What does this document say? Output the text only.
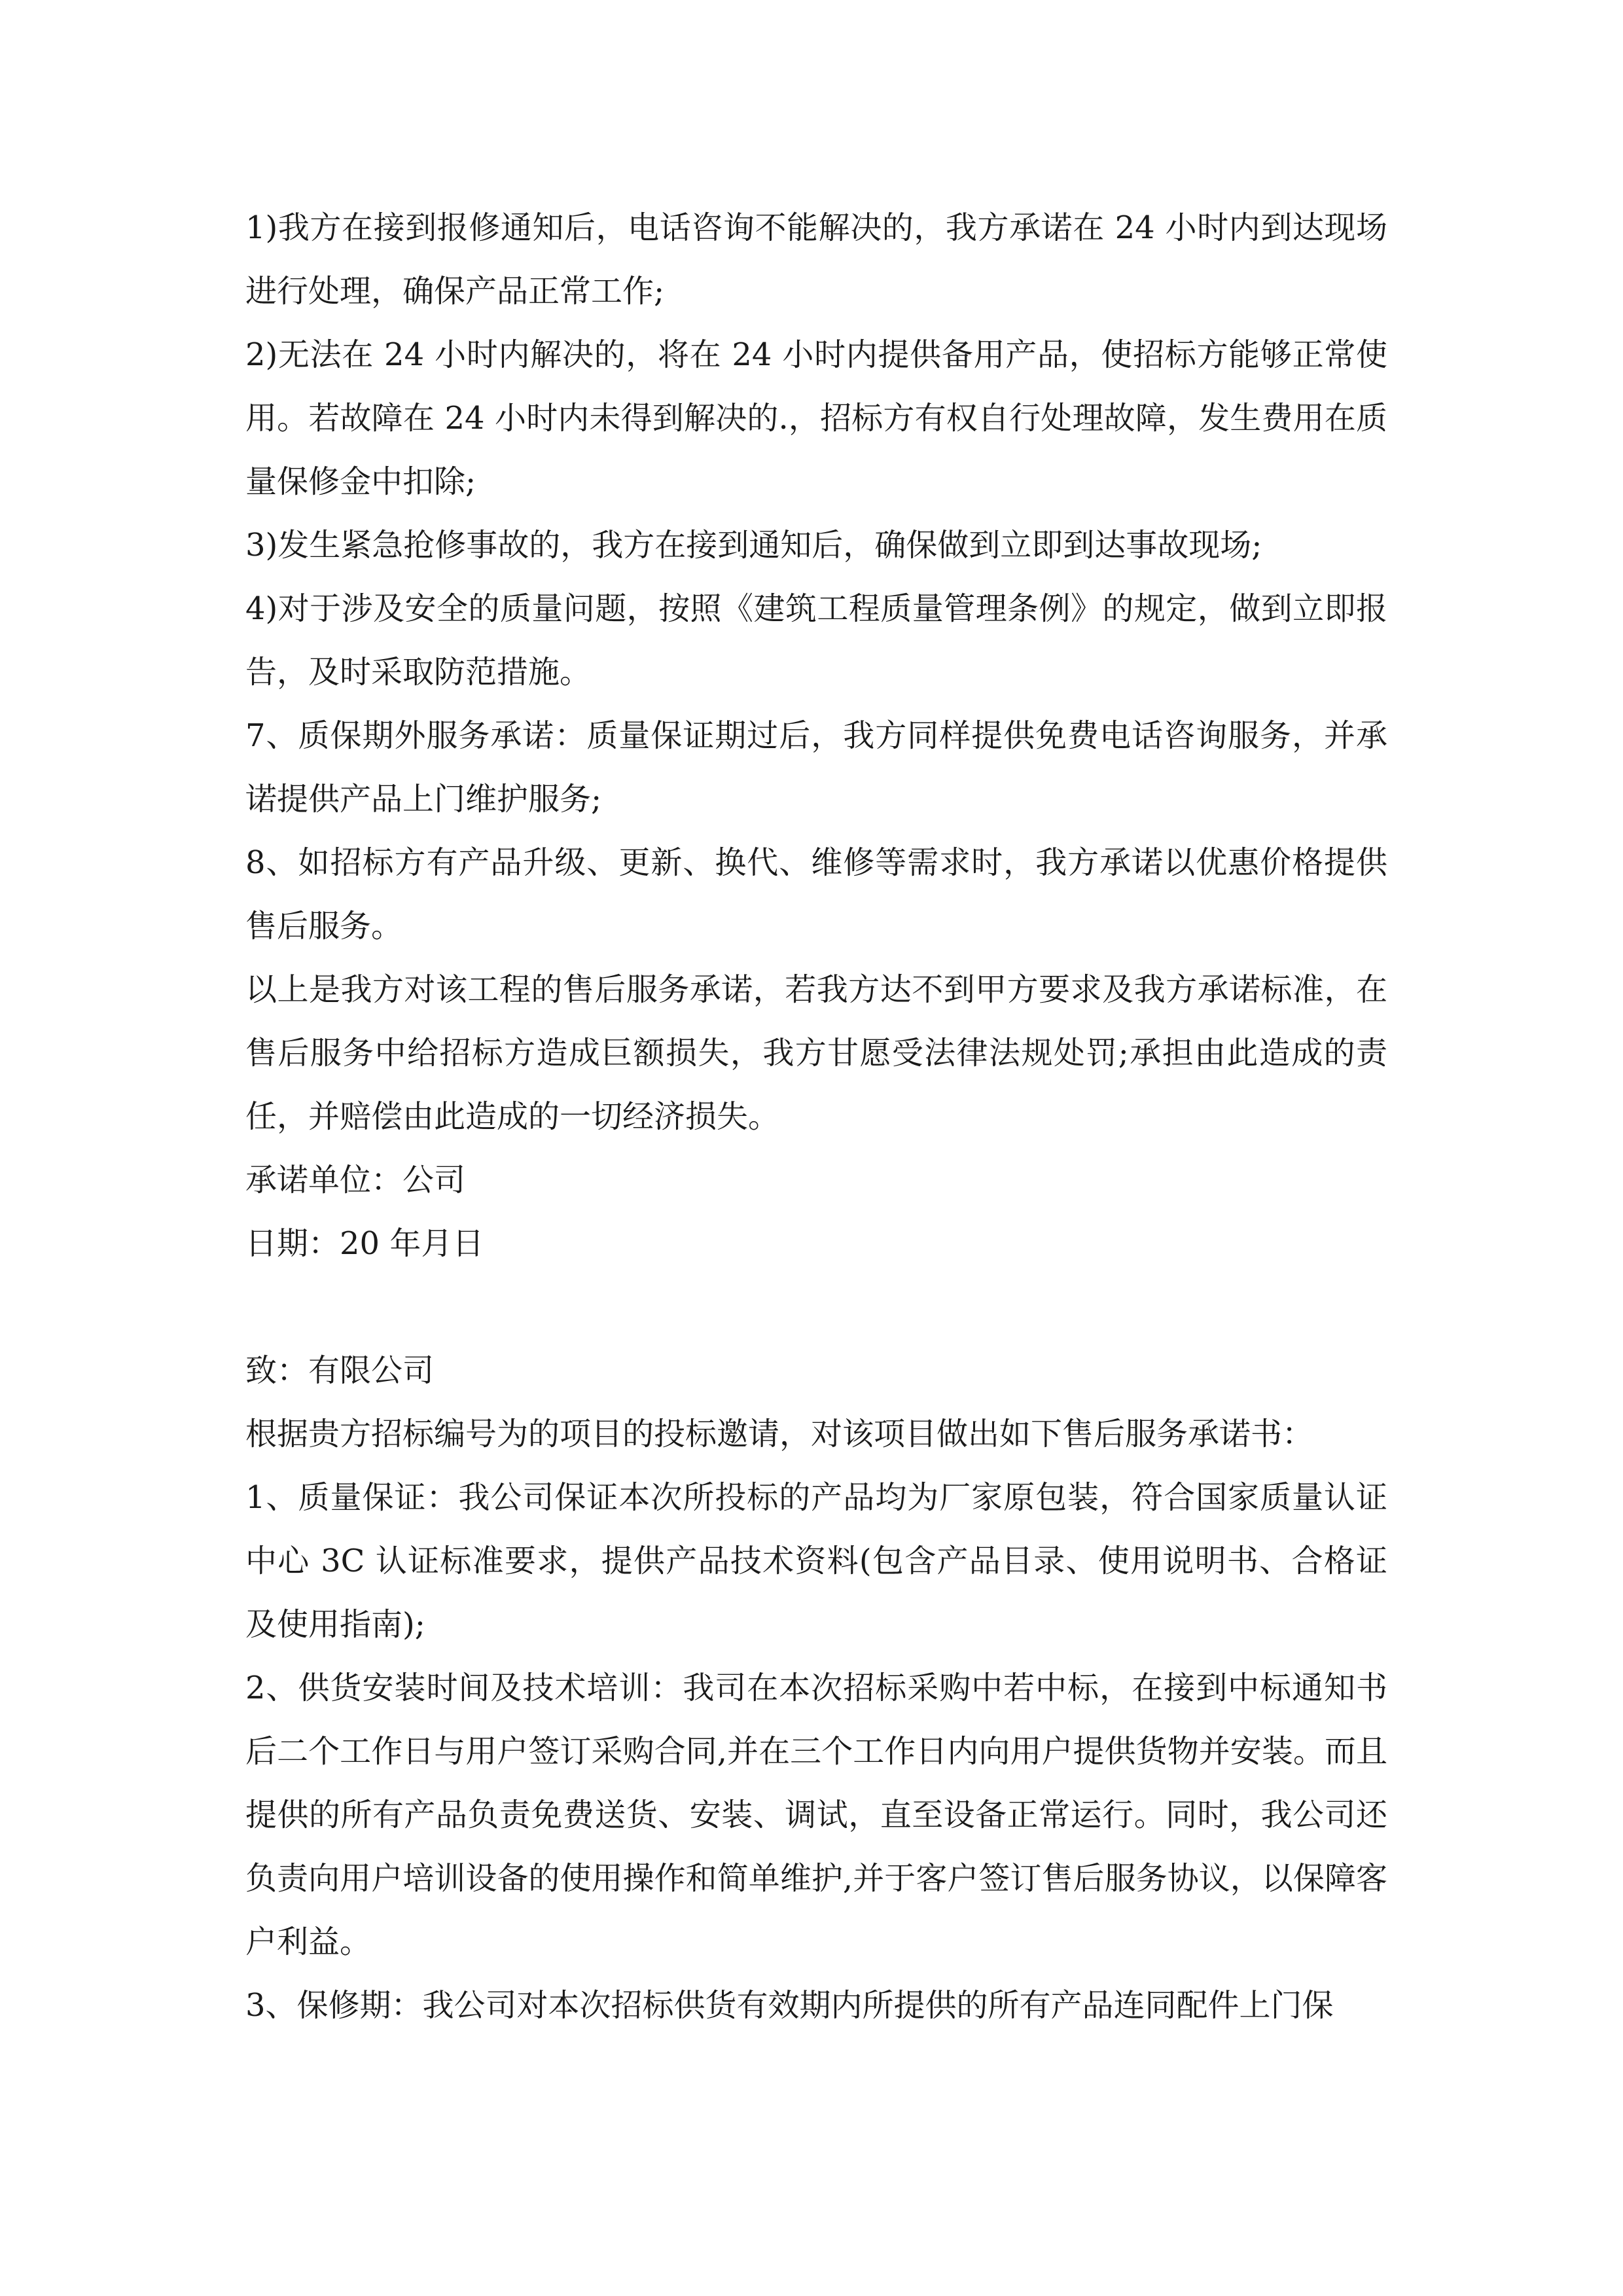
1)我方在接到报修通知后，电话咨询不能解决的，我方承诺在 24 小时内到达现场进行处理，确保产品正常工作;

2)无法在 24 小时内解决的，将在 24 小时内提供备用产品，使招标方能够正常使用。若故障在 24 小时内未得到解决的.，招标方有权自行处理故障，发生费用在质量保修金中扣除;

3)发生紧急抢修事故的，我方在接到通知后，确保做到立即到达事故现场;

4)对于涉及安全的质量问题，按照《建筑工程质量管理条例》的规定，做到立即报告，及时采取防范措施。

7、质保期外服务承诺：质量保证期过后，我方同样提供免费电话咨询服务，并承诺提供产品上门维护服务;

8、如招标方有产品升级、更新、换代、维修等需求时，我方承诺以优惠价格提供售后服务。

以上是我方对该工程的售后服务承诺，若我方达不到甲方要求及我方承诺标准，在售后服务中给招标方造成巨额损失，我方甘愿受法律法规处罚;承担由此造成的责任，并赔偿由此造成的一切经济损失。

承诺单位：公司

日期：20 年月日

致：有限公司

根据贵方招标编号为的项目的投标邀请，对该项目做出如下售后服务承诺书：

1、质量保证：我公司保证本次所投标的产品均为厂家原包装，符合国家质量认证中心 3C 认证标准要求，提供产品技术资料(包含产品目录、使用说明书、合格证及使用指南);

2、供货安装时间及技术培训：我司在本次招标采购中若中标，在接到中标通知书后二个工作日与用户签订采购合同,并在三个工作日内向用户提供货物并安装。而且提供的所有产品负责免费送货、安装、调试，直至设备正常运行。同时，我公司还负责向用户培训设备的使用操作和简单维护,并于客户签订售后服务协议，以保障客户利益。

3、保修期：我公司对本次招标供货有效期内所提供的所有产品连同配件上门保
